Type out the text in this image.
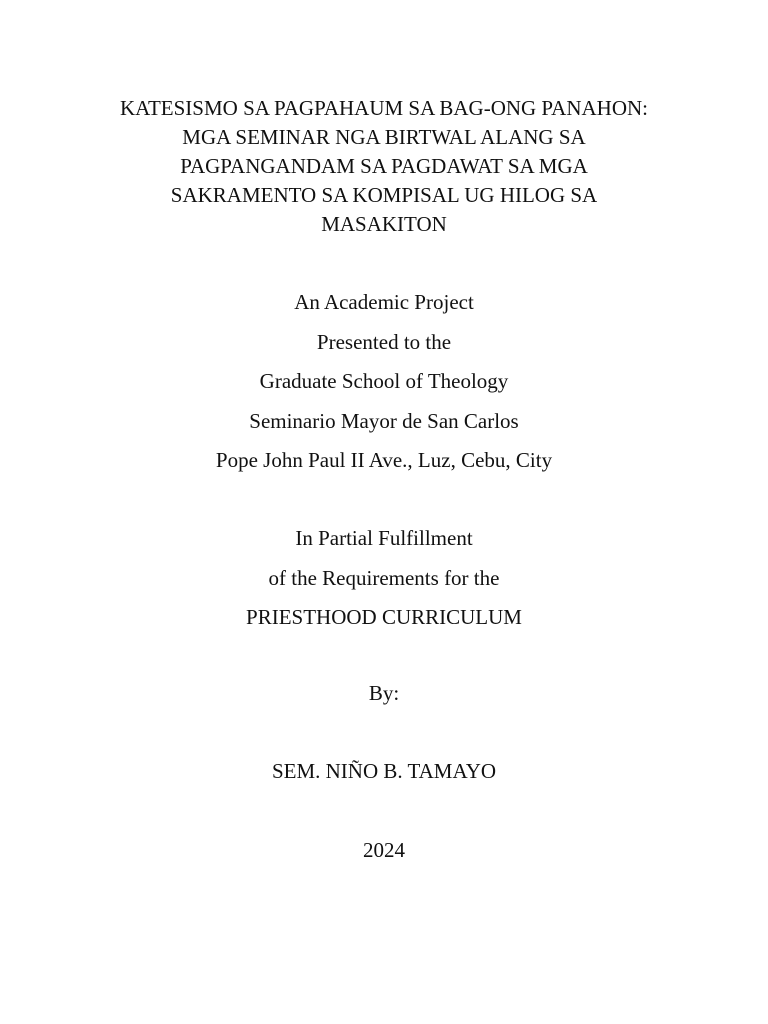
KATESISMO SA PAGPAHAUM SA BAG-ONG PANAHON:
MGA SEMINAR NGA BIRTWAL ALANG SA
PAGPANGANDAM SA PAGDAWAT SA MGA
SAKRAMENTO SA KOMPISAL UG HILOG SA
MASAKITON
An Academic Project
Presented to the
Graduate School of Theology
Seminario Mayor de San Carlos
Pope John Paul II Ave., Luz, Cebu, City
In Partial Fulfillment
of the Requirements for the
PRIESTHOOD CURRICULUM
By:
SEM. NIÑO B. TAMAYO
2024
